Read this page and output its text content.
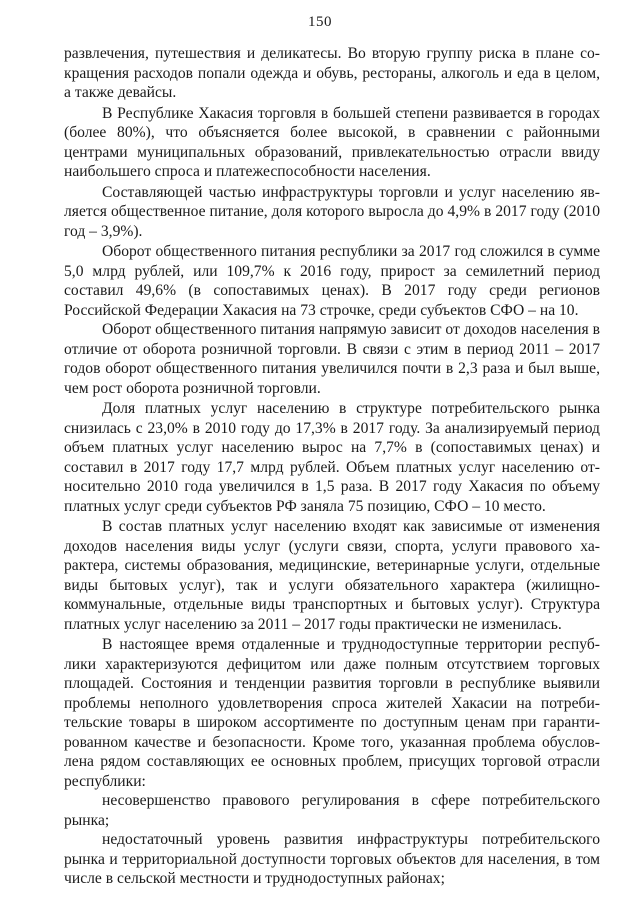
150

развлечения, путешествия и деликатесы. Во вторую группу риска в плане сокращения расходов попали одежда и обувь, рестораны, алкоголь и еда в целом, а также девайсы.

В Республике Хакасия торговля в большей степени развивается в городах (более 80%), что объясняется более высокой, в сравнении с районными центрами муниципальных образований, привлекательностью отрасли ввиду наибольшего спроса и платежеспособности населения.

Составляющей частью инфраструктуры торговли и услуг населению является общественное питание, доля которого выросла до 4,9% в 2017 году (2010 год – 3,9%).

Оборот общественного питания республики за 2017 год сложился в сумме 5,0 млрд рублей, или 109,7% к 2016 году, прирост за семилетний период составил 49,6% (в сопоставимых ценах). В 2017 году среди регионов Российской Федерации Хакасия на 73 строчке, среди субъектов СФО – на 10.

Оборот общественного питания напрямую зависит от доходов населения в отличие от оборота розничной торговли. В связи с этим в период 2011 – 2017 годов оборот общественного питания увеличился почти в 2,3 раза и был выше, чем рост оборота розничной торговли.

Доля платных услуг населению в структуре потребительского рынка снизилась с 23,0% в 2010 году до 17,3% в 2017 году. За анализируемый период объем платных услуг населению вырос на 7,7% в (сопоставимых ценах) и составил в 2017 году 17,7 млрд рублей. Объем платных услуг населению относительно 2010 года увеличился в 1,5 раза. В 2017 году Хакасия по объему платных услуг среди субъектов РФ заняла 75 позицию, СФО – 10 место.

В состав платных услуг населению входят как зависимые от изменения доходов населения виды услуг (услуги связи, спорта, услуги правового характера, системы образования, медицинские, ветеринарные услуги, отдельные виды бытовых услуг), так и услуги обязательного характера (жилищно-коммунальные, отдельные виды транспортных и бытовых услуг). Структура платных услуг населению за 2011 – 2017 годы практически не изменилась.

В настоящее время отдаленные и труднодоступные территории республики характеризуются дефицитом или даже полным отсутствием торговых площадей. Состояния и тенденции развития торговли в республике выявили проблемы неполного удовлетворения спроса жителей Хакасии на потребительские товары в широком ассортименте по доступным ценам при гарантированном качестве и безопасности. Кроме того, указанная проблема обусловлена рядом составляющих ее основных проблем, присущих торговой отрасли республики:

несовершенство правового регулирования в сфере потребительского рынка;

недостаточный уровень развития инфраструктуры потребительского рынка и территориальной доступности торговых объектов для населения, в том числе в сельской местности и труднодоступных районах;
